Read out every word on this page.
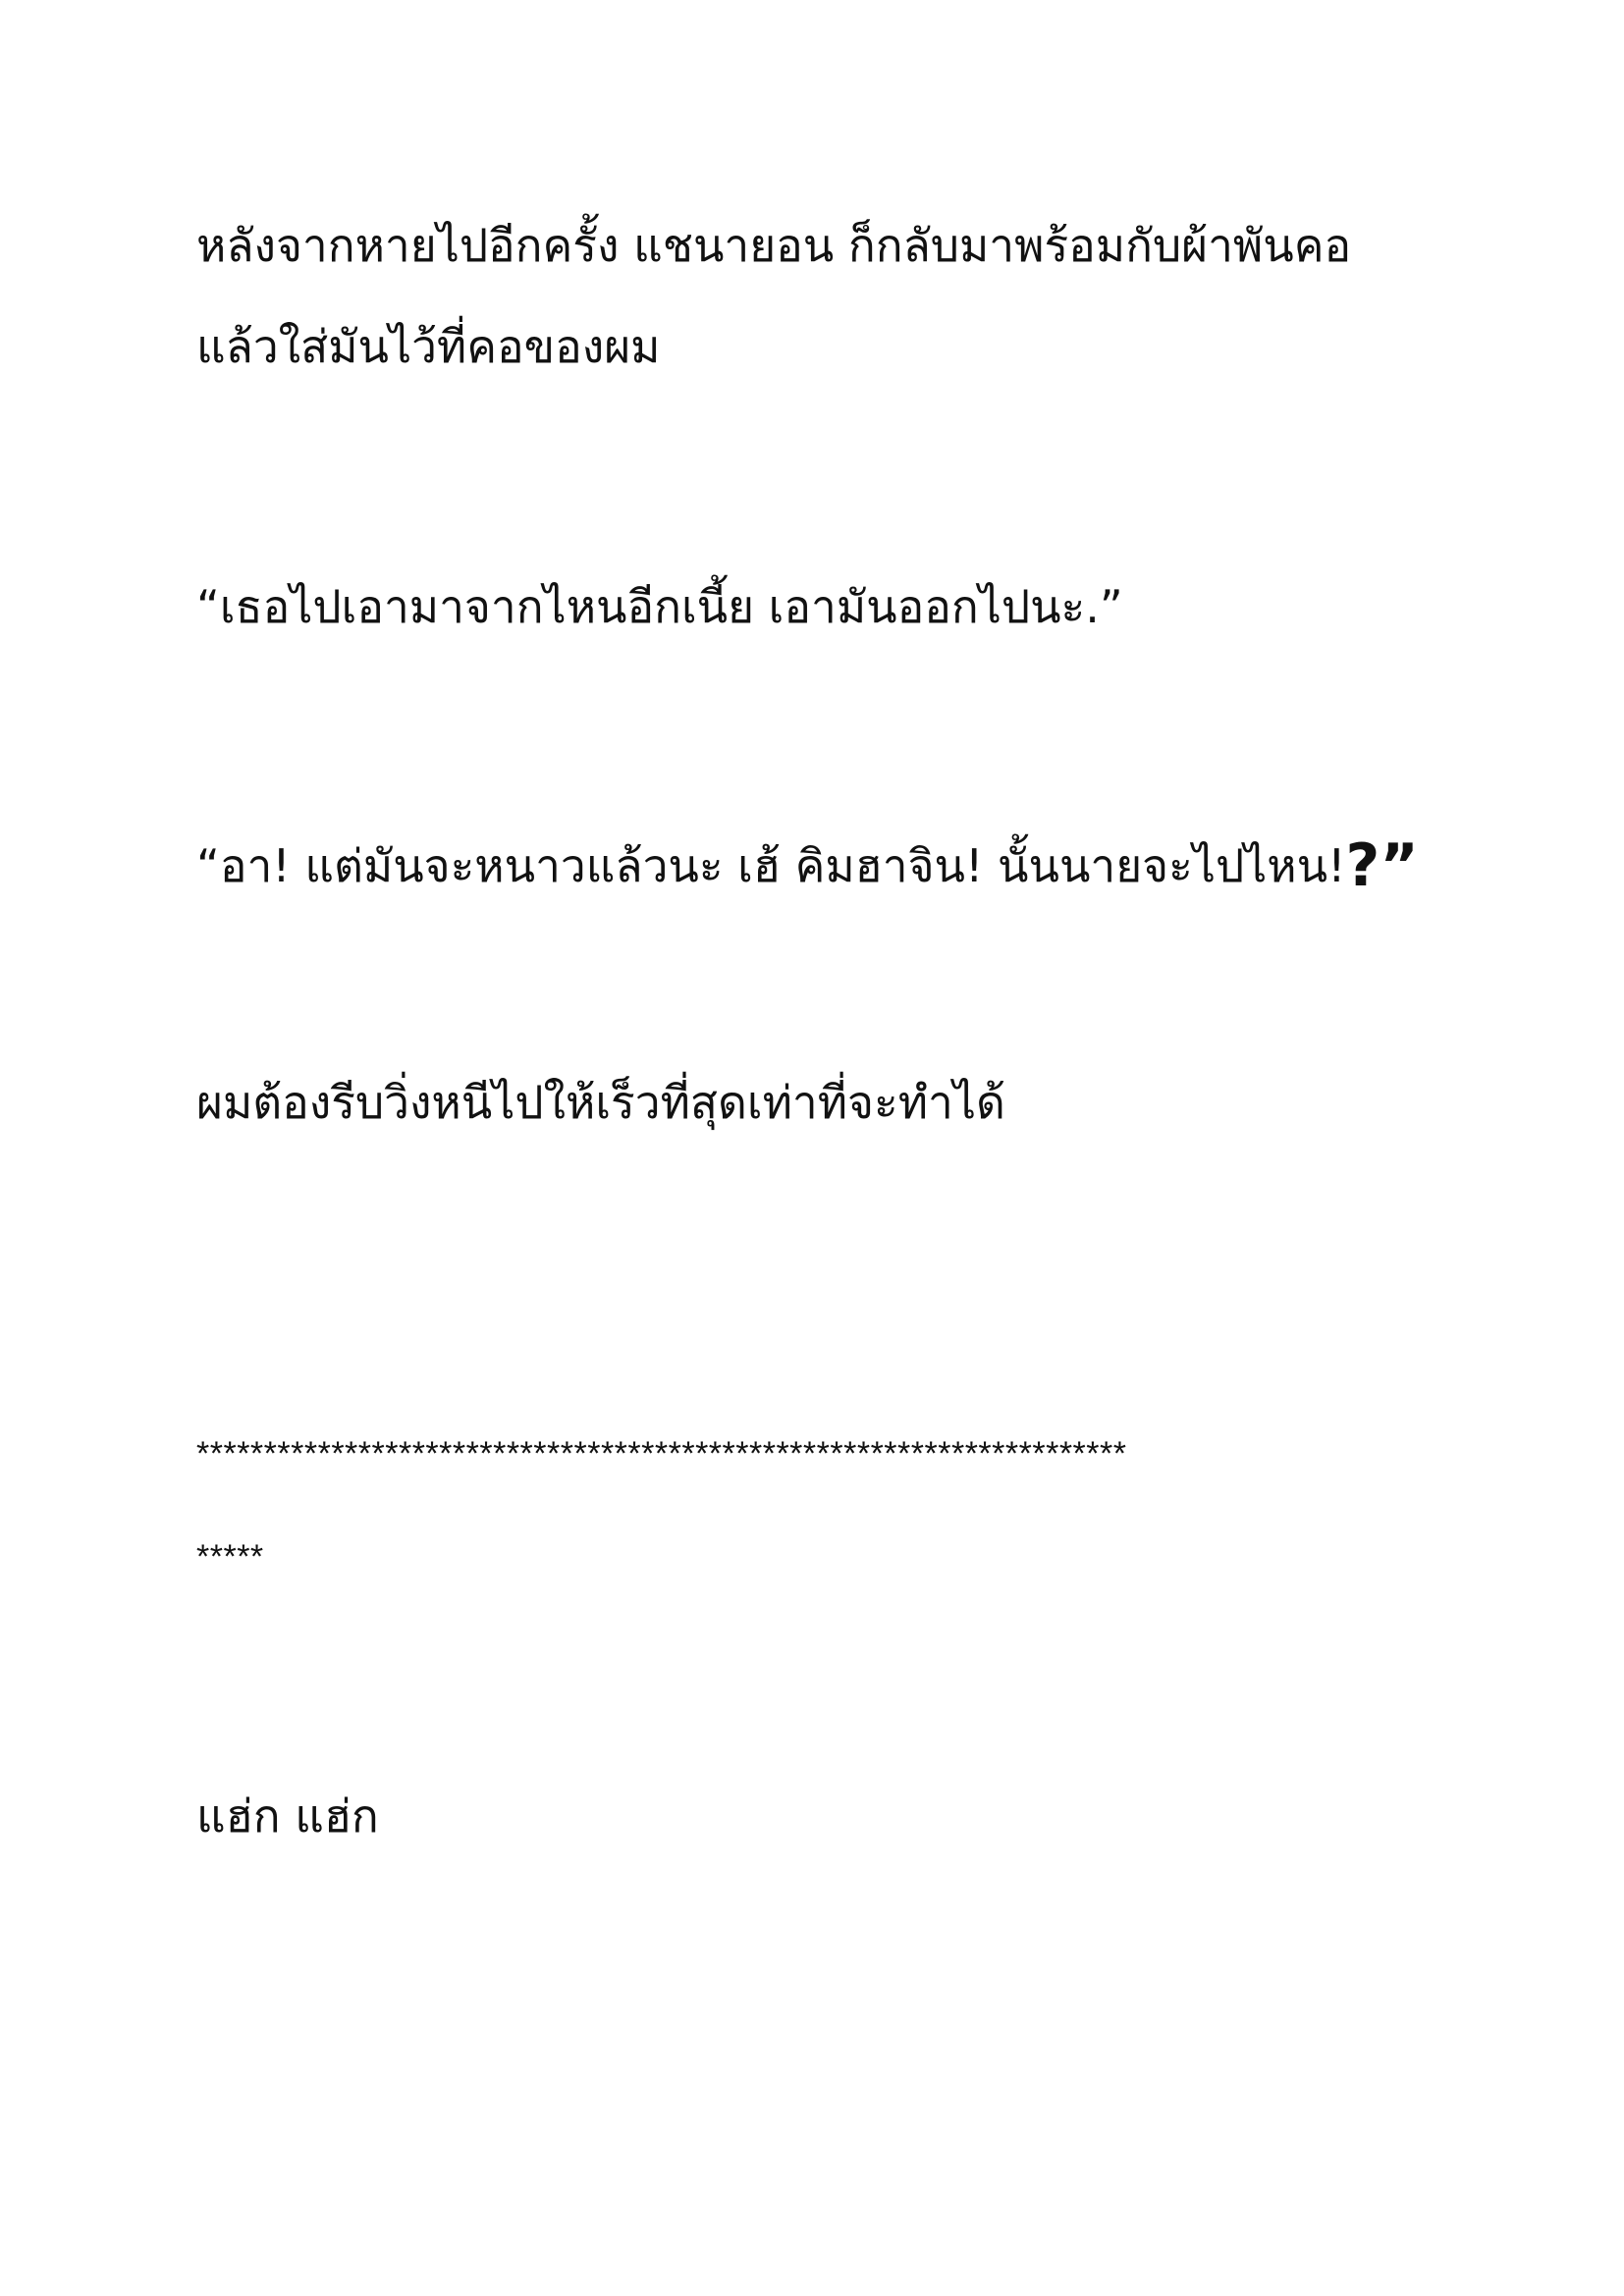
หลังจากหายไปอีกครั้ง แชนายอน ก็กลับมาพร้อมกับผ้าพันคอ

แล้วใส่มันไว้ที่คอของผม

“เธอไปเอามาจากไหนอีกเนี้ย เอามันออกไปนะ.”

“อา! แต่มันจะหนาวแล้วนะ เฮ้ คิมฮาจิน! นั้นนายจะไปไหน!?”

ผมต้องรีบวิ่งหนีไปให้เร็วที่สุดเท่าที่จะทำได้

*********************************************************************

*****

แฮ่ก แฮ่ก
